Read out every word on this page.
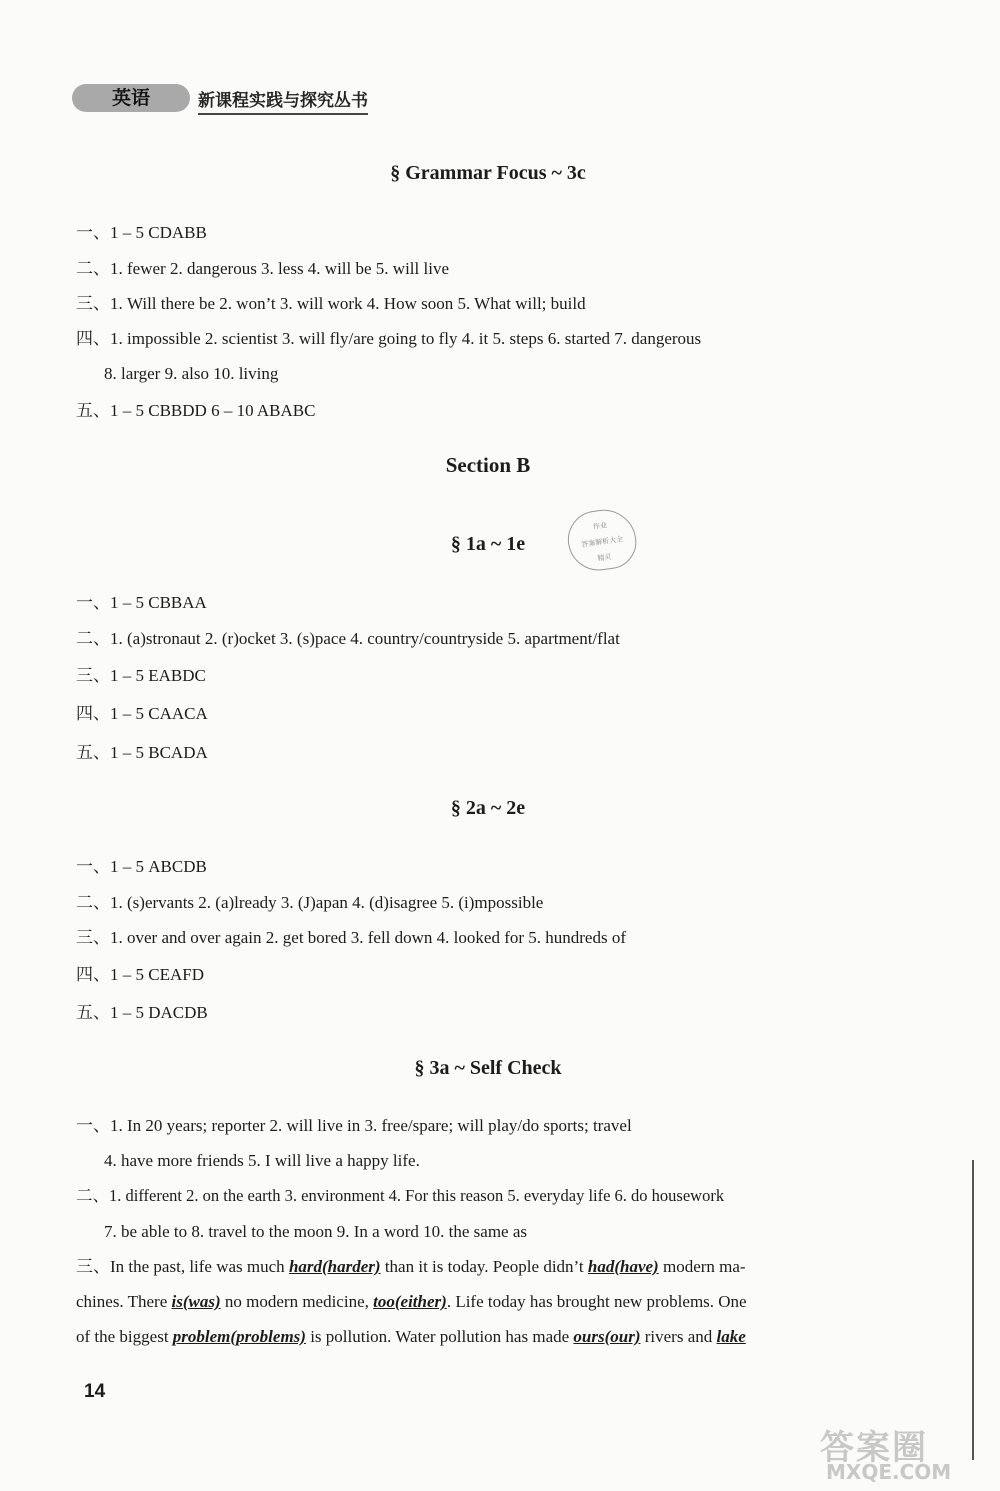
英语	新课程实践与探究丛书
§ Grammar Focus ~ 3c
一、1 – 5 CDABB
二、1. fewer 2. dangerous 3. less 4. will be 5. will live
三、1. Will there be 2. won’t 3. will work 4. How soon 5. What will; build
四、1. impossible 2. scientist 3. will fly/are going to fly 4. it 5. steps 6. started 7. dangerous
8. larger 9. also 10. living
五、1 – 5 CBBDD 6 – 10 ABABC
Section B
作业
答案解析大全
精灵
§ 1a ~ 1e
一、1 – 5 CBBAA
二、1. (a)stronaut 2. (r)ocket 3. (s)pace 4. country/countryside 5. apartment/flat
三、1 – 5 EABDC
四、1 – 5 CAACA
五、1 – 5 BCADA
§ 2a ~ 2e
一、1 – 5 ABCDB
二、1. (s)ervants 2. (a)lready 3. (J)apan 4. (d)isagree 5. (i)mpossible
三、1. over and over again 2. get bored 3. fell down 4. looked for 5. hundreds of
四、1 – 5 CEAFD
五、1 – 5 DACDB
§ 3a ~ Self Check
一、1. In 20 years; reporter 2. will live in 3. free/spare; will play/do sports; travel
4. have more friends 5. I will live a happy life.
二、1. different 2. on the earth 3. environment 4. For this reason 5. everyday life 6. do housework
7. be able to 8. travel to the moon 9. In a word 10. the same as
三、In the past, life was much hard(harder) than it is today. People didn’t had(have) modern ma-
chines. There is(was) no modern medicine, too(either). Life today has brought new problems. One
of the biggest problem(problems) is pollution. Water pollution has made ours(our) rivers and lake
14
答案圈
MXQE.COM
